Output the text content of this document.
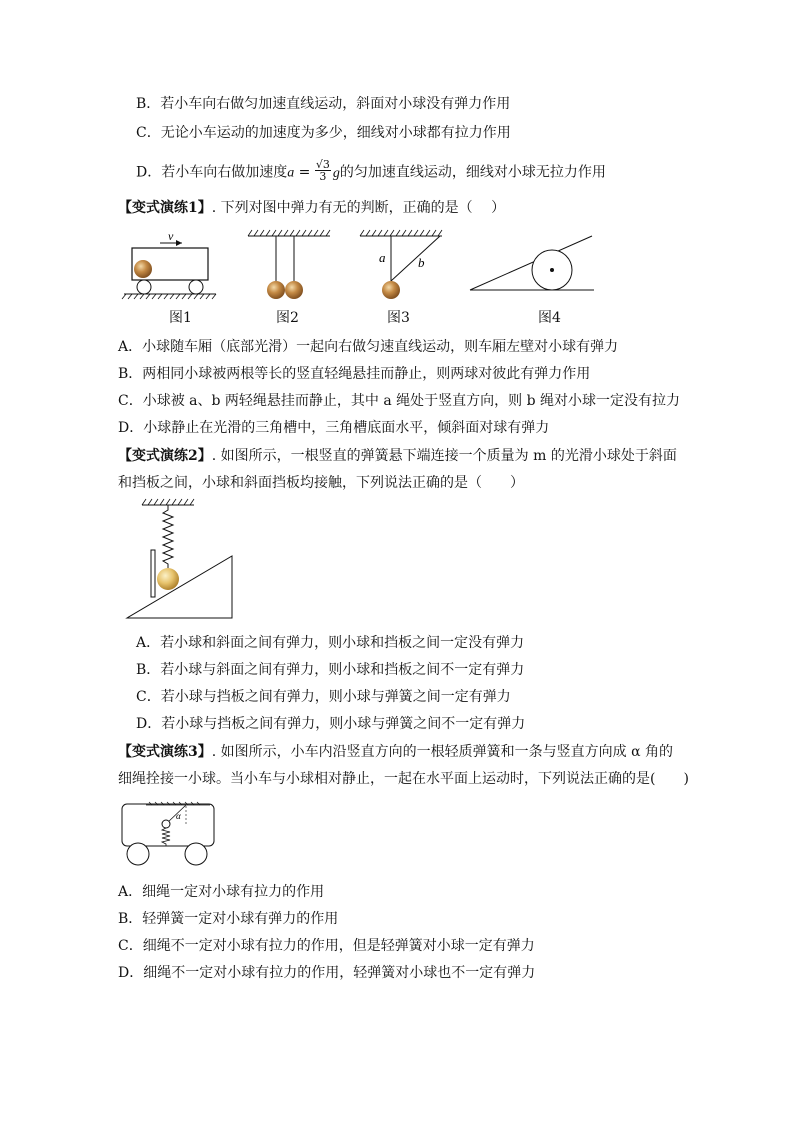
B．若小车向右做匀加速直线运动，斜面对小球没有弹力作用
C．无论小车运动的加速度为多少，细线对小球都有拉力作用
D．若小车向右做加速度$a = \frac{√3}{3}$ g的匀加速直线运动，细线对小球无拉力作用
【变式演练1】. 下列对图中弹力有无的判断，正确的是（　 ）
v
a	b
图1	图2	图3	图4
A．小球随车厢（底部光滑）一起向右做匀速直线运动，则车厢左壁对小球有弹力
B．两相同小球被两根等长的竖直轻绳悬挂而静止，则两球对彼此有弹力作用
C．小球被 a、b 两轻绳悬挂而静止，其中 a 绳处于竖直方向，则 b 绳对小球一定没有拉力
D．小球静止在光滑的三角槽中，三角槽底面水平，倾斜面对球有弹力
【变式演练2】. 如图所示，一根竖直的弹簧悬下端连接一个质量为 m 的光滑小球处于斜面
和挡板之间，小球和斜面挡板均接触，下列说法正确的是（　　）
A．若小球和斜面之间有弹力，则小球和挡板之间一定没有弹力
B．若小球与斜面之间有弹力，则小球和挡板之间不一定有弹力
C．若小球与挡板之间有弹力，则小球与弹簧之间一定有弹力
D．若小球与挡板之间有弹力，则小球与弹簧之间不一定有弹力
【变式演练3】. 如图所示，小车内沿竖直方向的一根轻质弹簧和一条与竖直方向成 α 角的
细绳拴接一小球。当小车与小球相对静止，一起在水平面上运动时，下列说法正确的是(　　)
α
A．细绳一定对小球有拉力的作用
B．轻弹簧一定对小球有弹力的作用
C．细绳不一定对小球有拉力的作用，但是轻弹簧对小球一定有弹力
D．细绳不一定对小球有拉力的作用，轻弹簧对小球也不一定有弹力
